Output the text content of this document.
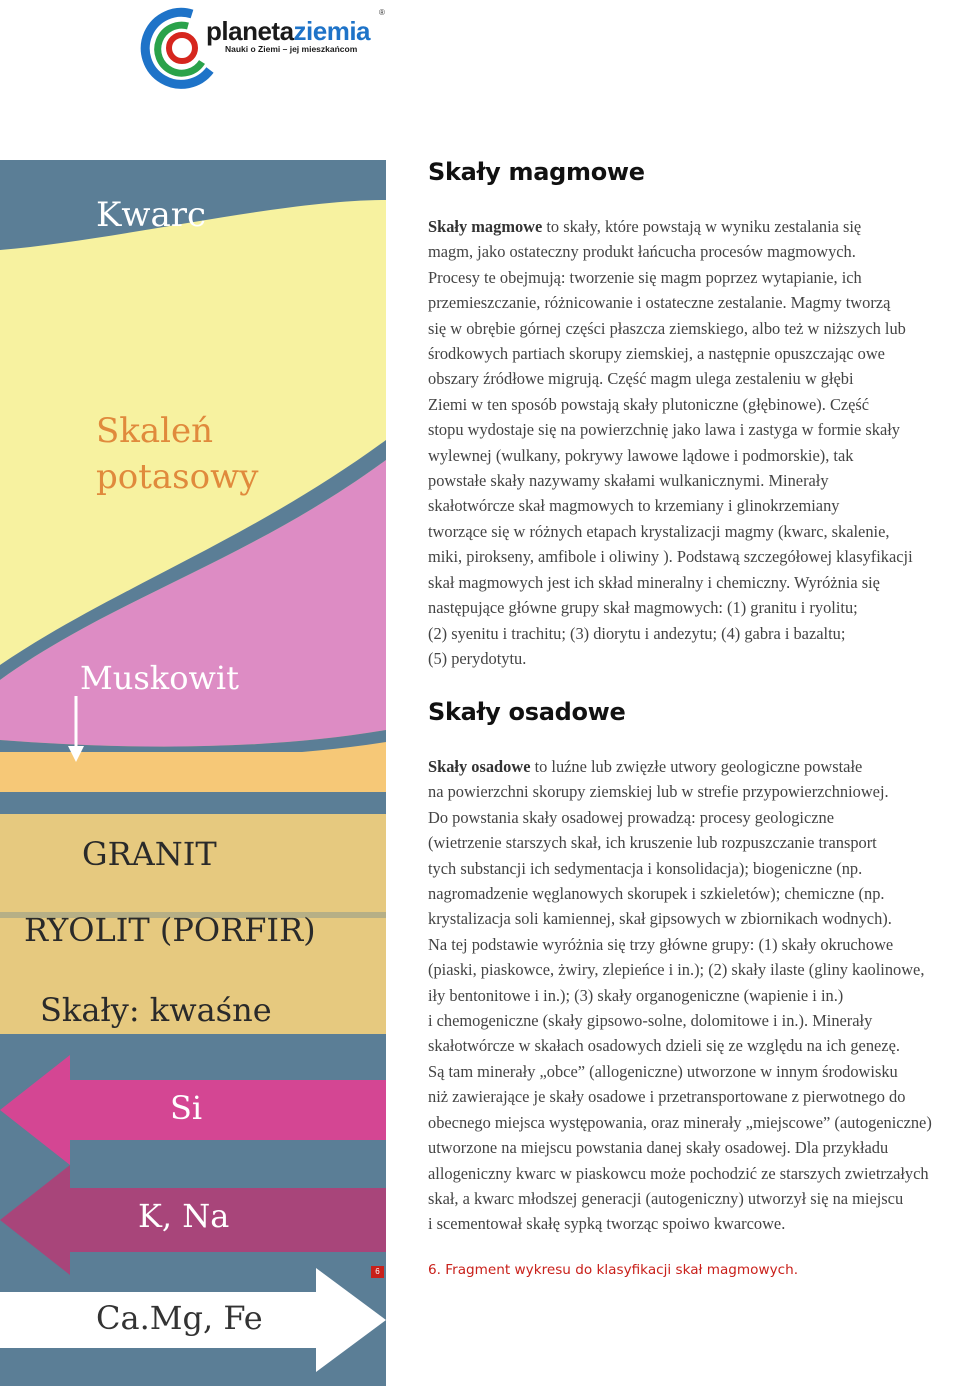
planetaziemia
®
Nauki o Ziemi – jej mieszkańcom
Kwarc
Skaleń
potasowy
Muskowit
GRANIT
RYOLIT (PORFIR)
Skały: kwaśne
Si
K, Na
Ca.Mg, Fe
6
Skały magmowe
Skały magmowe to skały, które powstają w wyniku zestalania się
magm, jako ostateczny produkt łańcucha procesów magmowych.
Procesy te obejmują: tworzenie się magm poprzez wytapianie, ich
przemieszczanie, różnicowanie i ostateczne zestalanie. Magmy tworzą
się w obrębie górnej części płaszcza ziemskiego, albo też w niższych lub
środkowych partiach skorupy ziemskiej, a następnie opuszczając owe
obszary źródłowe migrują. Część magm ulega zestaleniu w głębi
Ziemi w ten sposób powstają skały plutoniczne (głębinowe). Część
stopu wydostaje się na powierzchnię jako lawa i zastyga w formie skały
wylewnej (wulkany, pokrywy lawowe lądowe i podmorskie), tak
powstałe skały nazywamy skałami wulkanicznymi. Minerały
skałotwórcze skał magmowych to krzemiany i glinokrzemiany
tworzące się w różnych etapach krystalizacji magmy (kwarc, skalenie,
miki, pirokseny, amfibole i oliwiny ). Podstawą szczegółowej klasyfikacji
skał magmowych jest ich skład mineralny i chemiczny. Wyróżnia się
następujące główne grupy skał magmowych: (1) granitu i ryolitu;
(2) syenitu i trachitu; (3) diorytu i andezytu; (4) gabra i bazaltu;
(5) perydotytu.
Skały osadowe
Skały osadowe to luźne lub zwięzłe utwory geologiczne powstałe
na powierzchni skorupy ziemskiej lub w strefie przypowierzchniowej.
Do powstania skały osadowej prowadzą: procesy geologiczne
(wietrzenie starszych skał, ich kruszenie lub rozpuszczanie transport
tych substancji ich sedymentacja i konsolidacja); biogeniczne (np.
nagromadzenie węglanowych skorupek i szkieletów); chemiczne (np.
krystalizacja soli kamiennej, skał gipsowych w zbiornikach wodnych).
Na tej podstawie wyróżnia się trzy główne grupy: (1) skały okruchowe
(piaski, piaskowce, żwiry, zlepieńce i in.); (2) skały ilaste (gliny kaolinowe,
iły bentonitowe i in.); (3) skały organogeniczne (wapienie i in.)
i chemogeniczne (skały gipsowo-solne, dolomitowe i in.). Minerały
skałotwórcze w skałach osadowych dzieli się ze względu na ich genezę.
Są tam minerały „obce” (allogeniczne) utworzone w innym środowisku
niż zawierające je skały osadowe i przetransportowane z pierwotnego do
obecnego miejsca występowania, oraz minerały „miejscowe” (autogeniczne)
utworzone na miejscu powstania danej skały osadowej. Dla przykładu
allogeniczny kwarc w piaskowcu może pochodzić ze starszych zwietrzałych
skał, a kwarc młodszej generacji (autogeniczny) utworzył się na miejscu
i scementował skałę sypką tworząc spoiwo kwarcowe.
6. Fragment wykresu do klasyfikacji skał magmowych.
